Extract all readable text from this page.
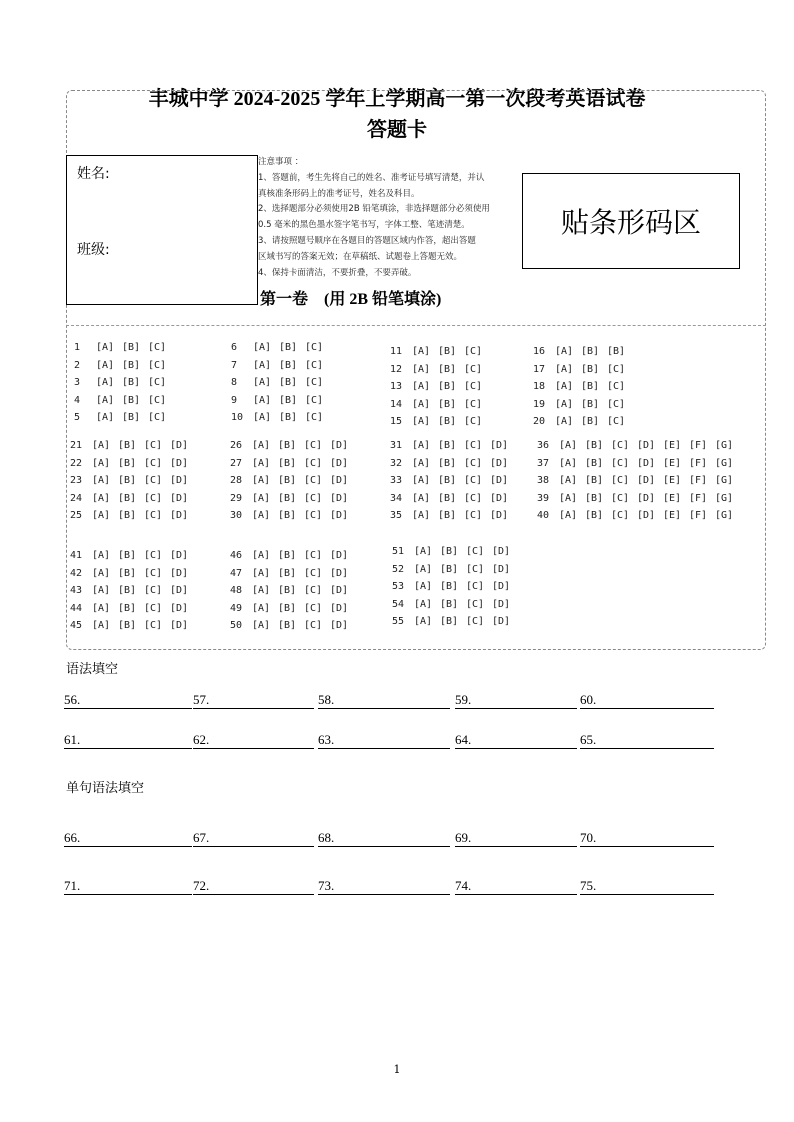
丰城中学 2024-2025 学年上学期高一第一次段考英语试卷
答题卡
姓名:
班级:
注意事项 ：
1、答题前，考生先将自己的姓名、准考证号填写清楚，并认
真核准条形码上的准考证号，姓名及科目。
2、选择题部分必须使用2B 铅笔填涂，非选择题部分必须使用
0.5 毫米的黑色墨水签字笔书写，字体工整、笔迹清楚。
3、请按照题号顺序在各题目的答题区域内作答，超出答题
区域书写的答案无效；在草稿纸、试题卷上答题无效。
4、保持卡面清洁，不要折叠，不要弄破。
贴条形码区
第一卷    (用 2B 铅笔填涂)
1 [A] [B] [C]
2 [A] [B] [C]
3 [A] [B] [C]
4 [A] [B] [C]
5 [A] [B] [C]
6 [A] [B] [C]
7 [A] [B] [C]
8 [A] [B] [C]
9 [A] [B] [C]
10 [A] [B] [C]
11 [A] [B] [C]
12 [A] [B] [C]
13 [A] [B] [C]
14 [A] [B] [C]
15 [A] [B] [C]
16 [A] [B] [B]
17 [A] [B] [C]
18 [A] [B] [C]
19 [A] [B] [C]
20 [A] [B] [C]
21 [A] [B] [C] [D]
22 [A] [B] [C] [D]
23 [A] [B] [C] [D]
24 [A] [B] [C] [D]
25 [A] [B] [C] [D]
26 [A] [B] [C] [D]
27 [A] [B] [C] [D]
28 [A] [B] [C] [D]
29 [A] [B] [C] [D]
30 [A] [B] [C] [D]
31 [A] [B] [C] [D]
32 [A] [B] [C] [D]
33 [A] [B] [C] [D]
34 [A] [B] [C] [D]
35 [A] [B] [C] [D]
36 [A] [B] [C] [D] [E] [F] [G]
37 [A] [B] [C] [D] [E] [F] [G]
38 [A] [B] [C] [D] [E] [F] [G]
39 [A] [B] [C] [D] [E] [F] [G]
40 [A] [B] [C] [D] [E] [F] [G]
41 [A] [B] [C] [D]
42 [A] [B] [C] [D]
43 [A] [B] [C] [D]
44 [A] [B] [C] [D]
45 [A] [B] [C] [D]
46 [A] [B] [C] [D]
47 [A] [B] [C] [D]
48 [A] [B] [C] [D]
49 [A] [B] [C] [D]
50 [A] [B] [C] [D]
51 [A] [B] [C] [D]
52 [A] [B] [C] [D]
53 [A] [B] [C] [D]
54 [A] [B] [C] [D]
55 [A] [B] [C] [D]
语法填空
56.	57.	58.	59.	60.
61.	62.	63.	64.	65.
单句语法填空
66.	67.	68.	69.	70.
71.	72.	73.	74.	75.
1
